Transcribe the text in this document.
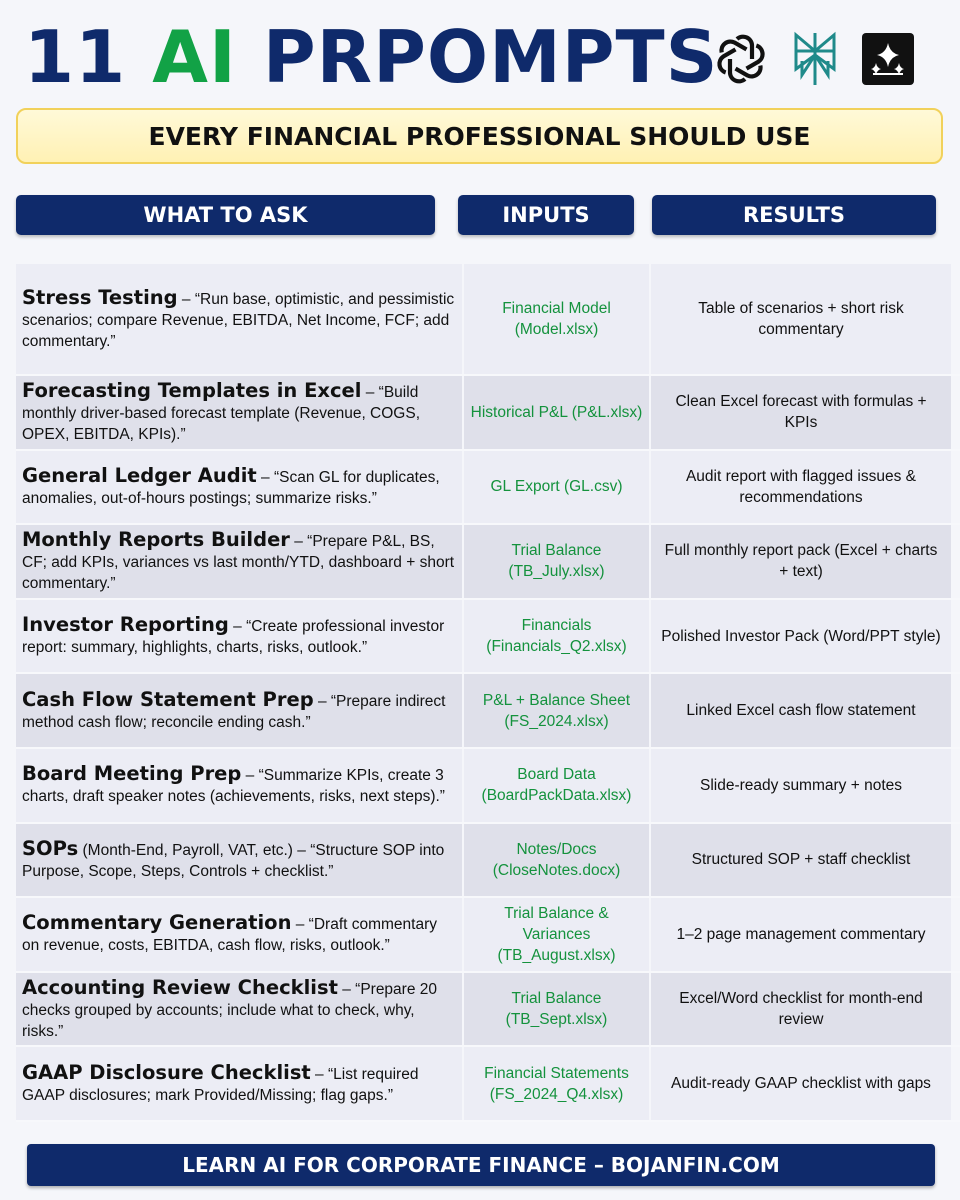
11 AI PRPOMPTS
EVERY FINANCIAL PROFESSIONAL SHOULD USE
WHAT TO ASK	INPUTS	RESULTS
Stress Testing – “Run base, optimistic, and pessimistic scenarios; compare Revenue, EBITDA, Net Income, FCF; add commentary.”
Financial Model (Model.xlsx)
Table of scenarios + short risk commentary
Forecasting Templates in Excel – “Build monthly driver-based forecast template (Revenue, COGS, OPEX, EBITDA, KPIs).”
Historical P&L (P&L.xlsx)
Clean Excel forecast with formulas + KPIs
General Ledger Audit – “Scan GL for duplicates, anomalies, out-of-hours postings; summarize risks.”
GL Export (GL.csv)
Audit report with flagged issues & recommendations
Monthly Reports Builder – “Prepare P&L, BS, CF; add KPIs, variances vs last month/YTD, dashboard + short commentary.”
Trial Balance (TB_July.xlsx)
Full monthly report pack (Excel + charts + text)
Investor Reporting – “Create professional investor report: summary, highlights, charts, risks, outlook.”
Financials (Financials_Q2.xlsx)
Polished Investor Pack (Word/PPT style)
Cash Flow Statement Prep – “Prepare indirect method cash flow; reconcile ending cash.”
P&L + Balance Sheet (FS_2024.xlsx)
Linked Excel cash flow statement
Board Meeting Prep – “Summarize KPIs, create 3 charts, draft speaker notes (achievements, risks, next steps).”
Board Data (BoardPackData.xlsx)
Slide-ready summary + notes
SOPs (Month-End, Payroll, VAT, etc.) – “Structure SOP into Purpose, Scope, Steps, Controls + checklist.”
Notes/Docs (CloseNotes.docx)
Structured SOP + staff checklist
Commentary Generation – “Draft commentary on revenue, costs, EBITDA, cash flow, risks, outlook.”
Trial Balance & Variances (TB_August.xlsx)
1–2 page management commentary
Accounting Review Checklist – “Prepare 20 checks grouped by accounts; include what to check, why, risks.”
Trial Balance (TB_Sept.xlsx)
Excel/Word checklist for month-end review
GAAP Disclosure Checklist – “List required GAAP disclosures; mark Provided/Missing; flag gaps.”
Financial Statements (FS_2024_Q4.xlsx)
Audit-ready GAAP checklist with gaps
LEARN AI FOR CORPORATE FINANCE – BOJANFIN.COM
